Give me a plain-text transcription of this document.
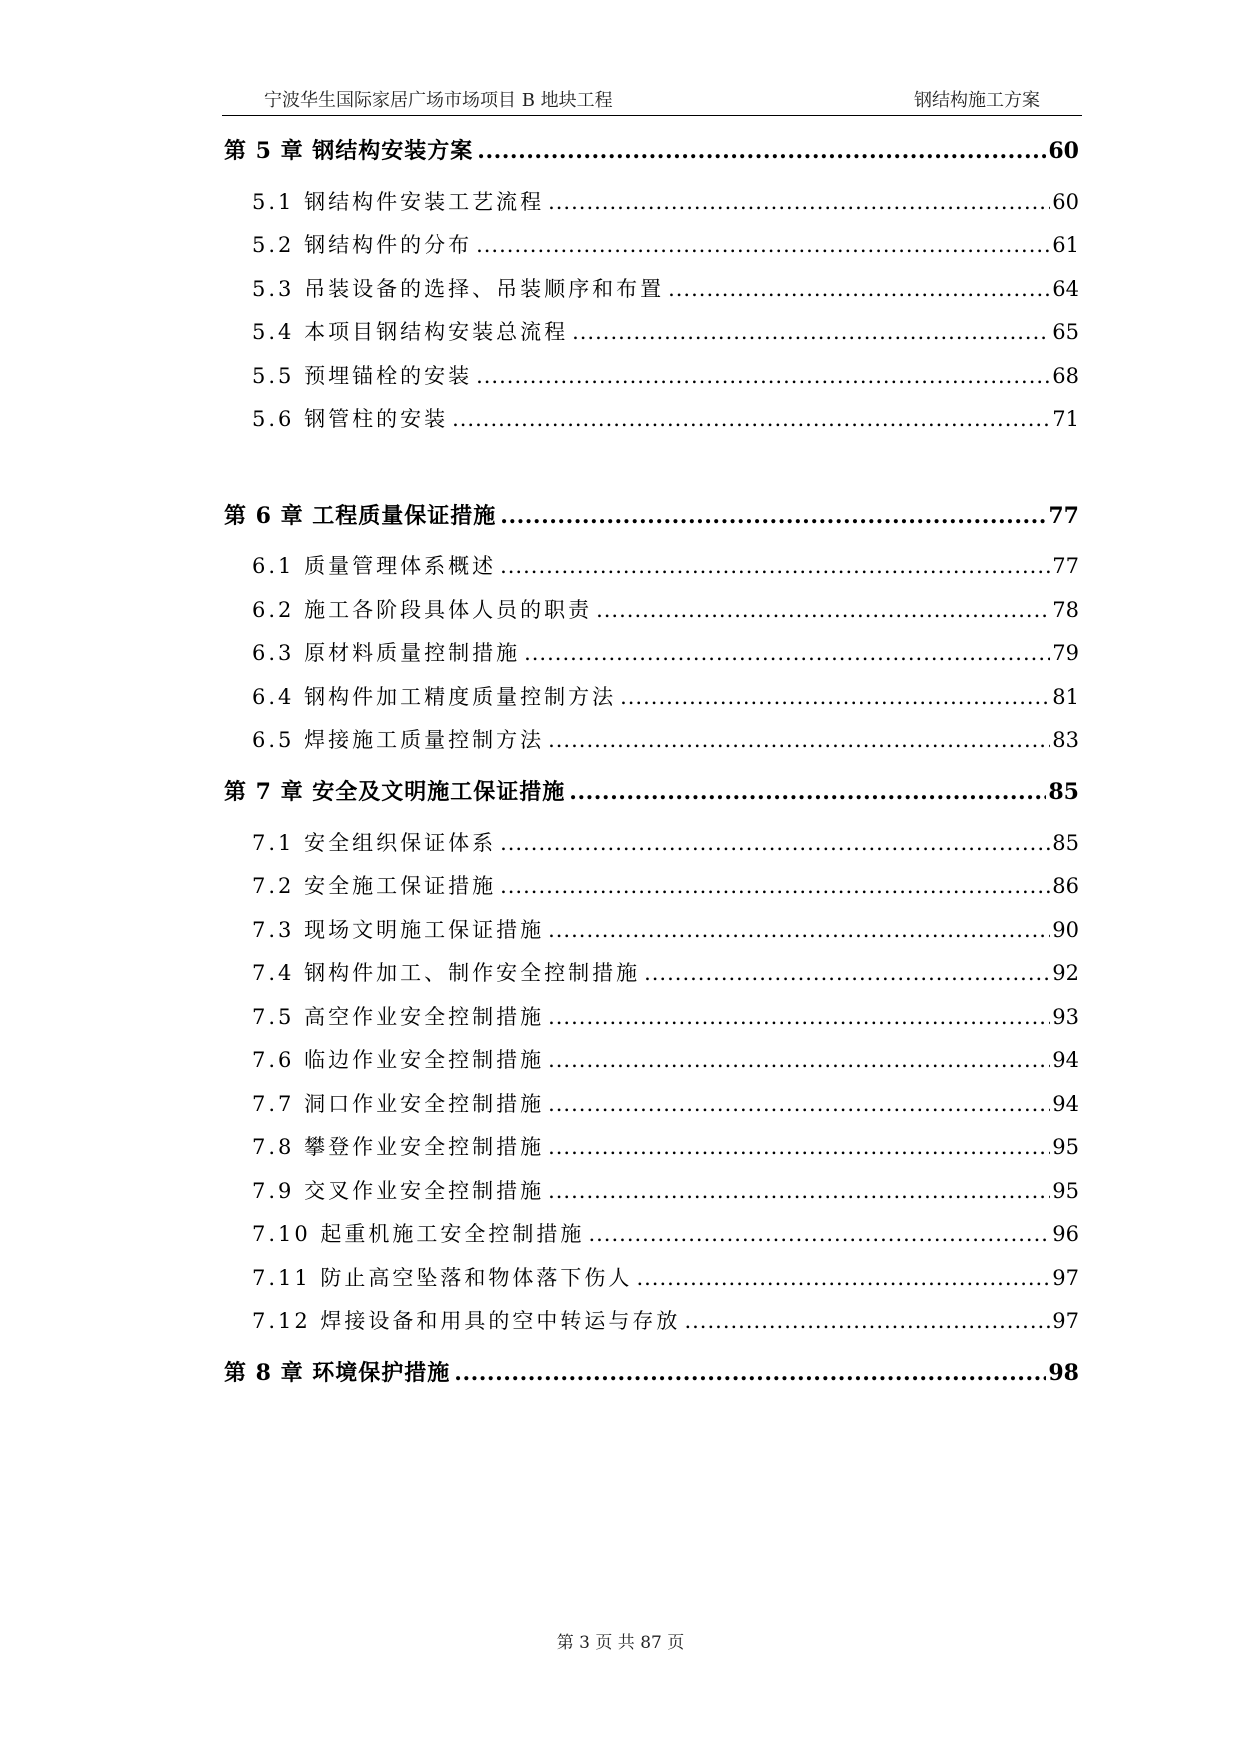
宁波华生国际家居广场市场项目 B 地块工程	钢结构施工方案
第 5 章 钢结构安装方案 .....	60
5.1 钢结构件安装工艺流程 .....	60
5.2 钢结构件的分布 .....	61
5.3 吊装设备的选择、吊装顺序和布置 .....	64
5.4 本项目钢结构安装总流程 .....	65
5.5 预埋锚栓的安装 .....	68
5.6 钢管柱的安装 .....	71
第 6 章 工程质量保证措施 .....	77
6.1 质量管理体系概述 .....	77
6.2 施工各阶段具体人员的职责 .....	78
6.3 原材料质量控制措施 .....	79
6.4 钢构件加工精度质量控制方法 .....	81
6.5 焊接施工质量控制方法 .....	83
第 7 章 安全及文明施工保证措施 .....	85
7.1 安全组织保证体系 .....	85
7.2 安全施工保证措施 .....	86
7.3 现场文明施工保证措施 .....	90
7.4 钢构件加工、制作安全控制措施 .....	92
7.5 高空作业安全控制措施 .....	93
7.6 临边作业安全控制措施 .....	94
7.7 洞口作业安全控制措施 .....	94
7.8 攀登作业安全控制措施 .....	95
7.9 交叉作业安全控制措施 .....	95
7.10 起重机施工安全控制措施 .....	96
7.11 防止高空坠落和物体落下伤人 .....	97
7.12 焊接设备和用具的空中转运与存放 .....	97
第 8 章 环境保护措施 .....	98
第 3 页 共 87 页
